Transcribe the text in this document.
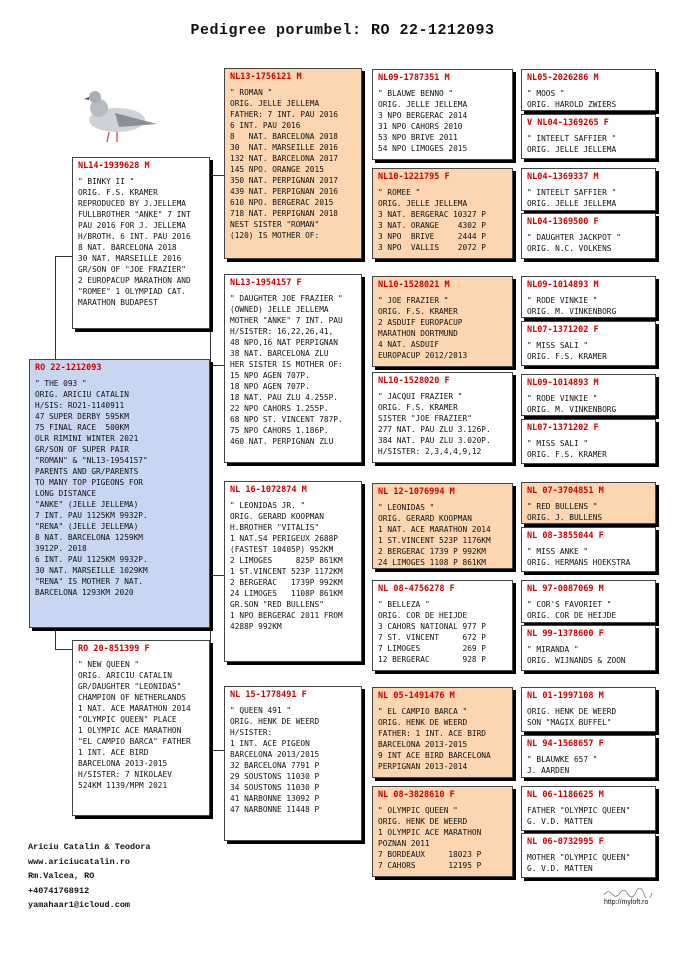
Pedigree porumbel: RO 22-1212093
NL14-1939628 M
" BINKY II "
ORIG. F.S. KRAMER
REPRODUCED BY J.JELLEMA
FULLBROTHER "ANKE" 7 INT
PAU 2016 FOR J. JELLEMA
H/BROTH. 6 INT. PAU 2016
8 NAT. BARCELONA 2018
30 NAT. MARSEILLE 2016
GR/SON OF "JOE FRAZIER"
2 EUROPACUP MARATHON AND
"ROMEE" 1 OLYMPIAD CAT.
MARATHON BUDAPEST
RO 22-1212093
" THE 093 "
ORIG. ARICIU CATALIN
H/SIS: RO21-1140911
47 SUPER DERBY 595KM
75 FINAL RACE  500KM
OLR RIMINI WINTER 2021
GR/SON OF SUPER PAIR
"ROMAN" & "NL13-1954157"
PARENTS AND GR/PARENTS
TO MANY TOP PIGEONS FOR
LONG DISTANCE
"ANKE" (JELLE JELLEMA)
7 INT. PAU 1125KM 9932P.
"RENA" (JELLE JELLEMA)
8 NAT. BARCELONA 1259KM
3912P. 2018
6 INT. PAU 1125KM 9932P.
30 NAT. MARSEILLE 1029KM
"RENA" IS MOTHER 7 NAT.
BARCELONA 1293KM 2020
RO 20-851399 F
" NEW QUEEN "
ORIG. ARICIU CATALIN
GR/DAUGHTER "LEONIDAS"
CHAMPION OF NETHERLANDS
1 NAT. ACE MARATHON 2014
"OLYMPIC QUEEN" PLACE
1 OLYMPIC ACE MARATHON
"EL CAMPIO BARCA" FATHER
1 INT. ACE BIRD
BARCELONA 2013-2015
H/SISTER: 7 NIKOLAEV
524KM 1139/MPM 2021
NL13-1756121 M
" ROMAN "
ORIG. JELLE JELLEMA
FATHER: 7 INT. PAU 2016
6 INT. PAU 2016
8   NAT. BARCELONA 2018
30  NAT. MARSEILLE 2016
132 NAT. BARCELONA 2017
145 NPO. ORANGE 2015
350 NAT. PERPIGNAN 2017
439 NAT. PERPIGNAN 2016
610 NPO. BERGERAC 2015
718 NAT. PERPIGNAN 2018
NEST SISTER "ROMAN"
(120) IS MOTHER OF:
NL13-1954157 F
" DAUGHTER JOE FRAZIER "
(OWNED) JELLE JELLEMA
MOTHER "ANKE" 7 INT. PAU
H/SISTER: 16,22,26,41,
48 NPO,16 NAT PERPIGNAN
38 NAT. BARCELONA ZLU
HER SISTER IS MOTHER OF:
15 NPO AGEN 707P.
18 NPO AGEN 707P.
18 NAT. PAU ZLU 4.255P.
22 NPO CAHORS 1.255P.
68 NPO ST. VINCENT 787P.
75 NPO CAHORS 1.186P.
460 NAT. PERPIGNAN ZLU
NL 16-1072874 M
" LEONIDAS JR. "
ORIG. GERARD KOOPMAN
H.BROTHER "VITALIS"
1 NAT.S4 PERIGEUX 2688P
(FASTEST 10405P) 952KM
2 LIMOGES     825P 861KM
1 ST.VINCENT 523P 1172KM
2 BERGERAC   1739P 992KM
24 LIMOGES   1108P 861KM
GR.SON "RED BULLENS"
1 NPO BERGERAC 2011 FROM
4288P 992KM
NL 15-1778491 F
" QUEEN 491 "
ORIG. HENK DE WEERD
H/SISTER:
1 INT. ACE PIGEON
BARCELONA 2013/2015
32 BARCELONA 7791 P
29 SOUSTONS 11030 P
34 SOUSTONS 11030 P
41 NARBONNE 13092 P
47 NARBONNE 11448 P
NL09-1787351 M
" BLAUWE BENNO "
ORIG. JELLE JELLEMA
3 NPO BERGERAC 2014
31 NPO CAHORS 2010
53 NPO BRIVE 2011
54 NPO LIMOGES 2015
NL10-1221795 F
" ROMEE "
ORIG. JELLE JELLEMA
3 NAT. BERGERAC 10327 P
3 NAT. ORANGE    4302 P
3 NPO  BRIVE     2444 P
3 NPO  VALLIS    2072 P
NL10-1528021 M
" JOE FRAZIER "
ORIG. F.S. KRAMER
2 ASDUIF EUROPACUP
MARATHON DORTMUND
4 NAT. ASDUIF
EUROPACUP 2012/2013
NL10-1528020 F
" JACQUI FRAZIER "
ORIG. F.S. KRAMER
SISTER "JOE FRAZIER"
277 NAT. PAU ZLU 3.126P.
384 NAT. PAU ZLU 3.020P.
H/SISTER: 2,3,4,4,9,12
NL 12-1076994 M
" LEONIDAS "
ORIG. GERARD KOOPMAN
1 NAT. ACE MARATHON 2014
1 ST.VINCENT 523P 1176KM
2 BERGERAC 1739 P 992KM
24 LIMOGES 1108 P 861KM
NL 08-4756278 F
" BELLEZA "
ORIG. COR DE HEIJDE
3 CAHORS NATIONAL 977 P
7 ST. VINCENT     672 P
7 LIMOGES         269 P
12 BERGERAC       928 P
NL 05-1491476 M
" EL CAMPIO BARCA "
ORIG. HENK DE WEERD
FATHER: 1 INT. ACE BIRD
BARCELONA 2013-2015
9 INT ACE BIRD BARCELONA
PERPIGNAN 2013-2014
NL 08-3828610 F
" OLYMPIC QUEEN "
ORIG. HENK DE WEERD
1 OLYMPIC ACE MARATHON
POZNAN 2011
7 BORDEAUX     18023 P
7 CAHORS       12195 P
NL05-2026286 M
" MOOS "
ORIG. HAROLD ZWIERS
V NL04-1369265 F
" INTEELT SAFFIER "
ORIG. JELLE JELLEMA
NL04-1369337 M
" INTEELT SAFFIER "
ORIG. JELLE JELLEMA
NL04-1369500 F
" DAUGHTER JACKPOT "
ORIG. N.C. VOLKENS
NL09-1014893 M
" RODE VINKIE "
ORIG. M. VINKENBORG
NL07-1371202 F
" MISS SALI "
ORIG. F.S. KRAMER
NL09-1014893 M
" RODE VINKIE "
ORIG. M. VINKENBORG
NL07-1371202 F
" MISS SALI "
ORIG. F.S. KRAMER
NL 07-3704851 M
" RED BULLENS "
ORIG. J. BULLENS
NL 08-3855044 F
" MISS ANKE "
ORIG. HERMANS HOEKSTRA
NL 97-0087069 M
" COR'S FAVORIET "
ORIG. COR DE HEIJDE
NL 99-1378600 F
" MIRANDA "
ORIG. WIJNANDS & ZOON
NL 01-1997108 M
ORIG. HENK DE WEERD
SON "MAGIX BUFFEL"
NL 94-1568657 F
" BLAUWKE 657 "
J. AARDEN
NL 06-1186625 M
FATHER "OLYMPIC QUEEN"
G. V.D. MATTEN
NL 06-0732995 F
MOTHER "OLYMPIC QUEEN"
G. V.D. MATTEN
Ariciu Catalin & Teodora
www.ariciucatalin.ro
Rm.Valcea, RO
+40741768912
yamahaar1@icloud.com	http://myloft.ro
